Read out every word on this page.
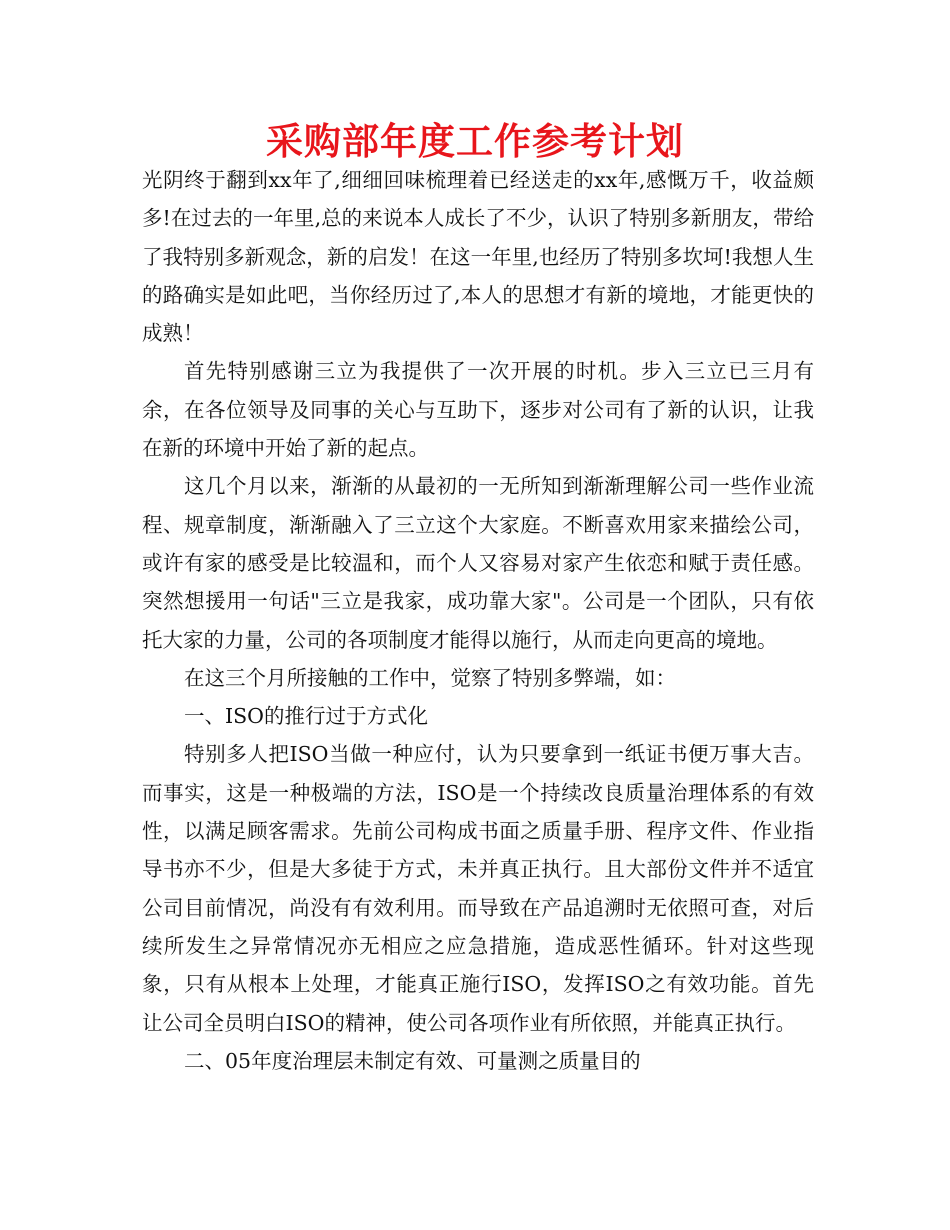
采购部年度工作参考计划

光阴终于翻到xx年了,细细回味梳理着已经送走的xx年,感慨万千，收益颇多!在过去的一年里,总的来说本人成长了不少，认识了特别多新朋友，带给了我特别多新观念，新的启发！在这一年里,也经历了特别多坎坷!我想人生的路确实是如此吧，当你经历过了,本人的思想才有新的境地，才能更快的成熟！

首先特别感谢三立为我提供了一次开展的时机。步入三立已三月有余，在各位领导及同事的关心与互助下，逐步对公司有了新的认识，让我在新的环境中开始了新的起点。

这几个月以来，渐渐的从最初的一无所知到渐渐理解公司一些作业流程、规章制度，渐渐融入了三立这个大家庭。不断喜欢用家来描绘公司，或许有家的感受是比较温和，而个人又容易对家产生依恋和赋于责任感。突然想援用一句话"三立是我家，成功靠大家"。公司是一个团队，只有依托大家的力量，公司的各项制度才能得以施行，从而走向更高的境地。

在这三个月所接触的工作中，觉察了特别多弊端，如：

一、ISO的推行过于方式化

特别多人把ISO当做一种应付，认为只要拿到一纸证书便万事大吉。而事实，这是一种极端的方法，ISO是一个持续改良质量治理体系的有效性，以满足顾客需求。先前公司构成书面之质量手册、程序文件、作业指导书亦不少，但是大多徒于方式，未并真正执行。且大部份文件并不适宜公司目前情况，尚没有有效利用。而导致在产品追溯时无依照可查，对后续所发生之异常情况亦无相应之应急措施，造成恶性循环。针对这些现象，只有从根本上处理，才能真正施行ISO，发挥ISO之有效功能。首先让公司全员明白ISO的精神，使公司各项作业有所依照，并能真正执行。

二、05年度治理层未制定有效、可量测之质量目的
